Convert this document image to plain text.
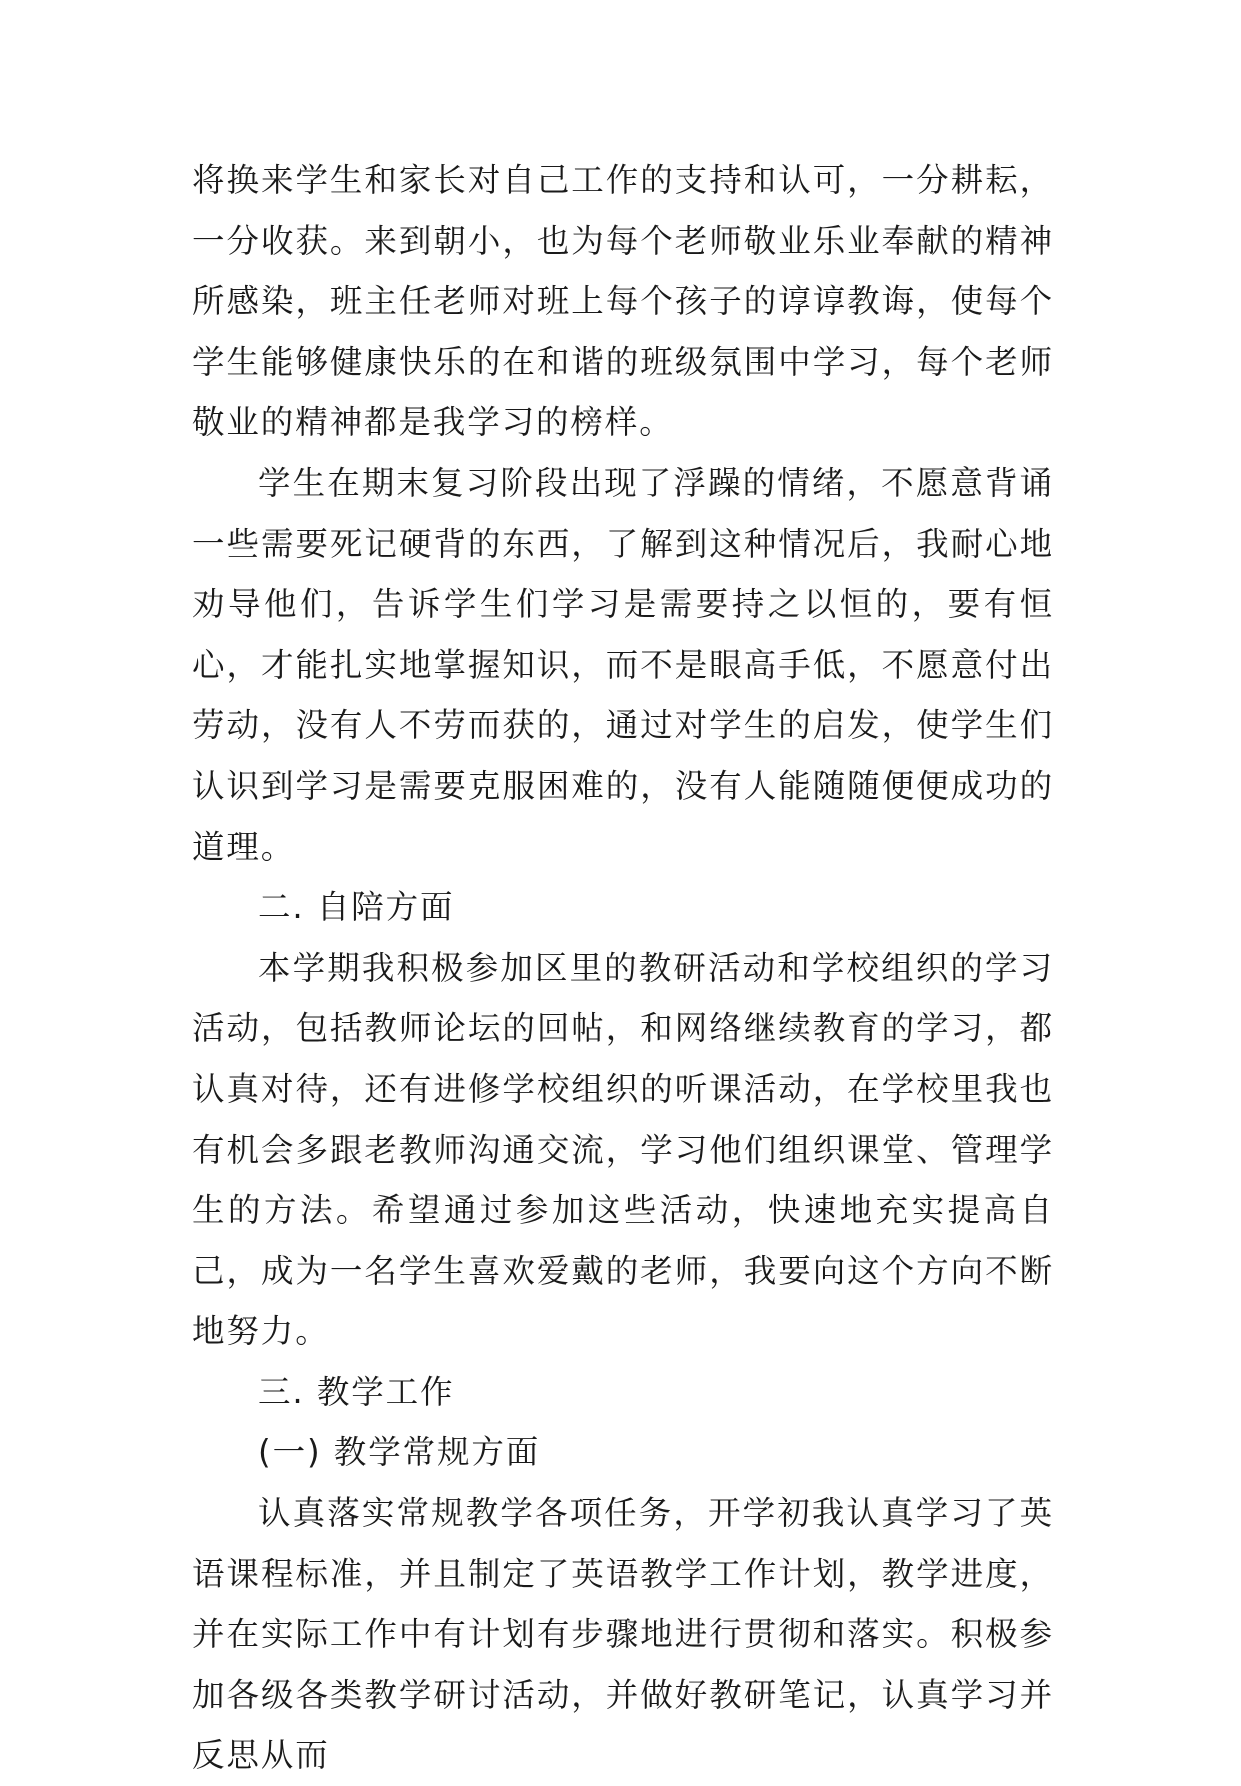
将换来学生和家长对自己工作的支持和认可，一分耕耘，一分收获。来到朝小，也为每个老师敬业乐业奉献的精神所感染，班主任老师对班上每个孩子的谆谆教诲，使每个学生能够健康快乐的在和谐的班级氛围中学习，每个老师敬业的精神都是我学习的榜样。

学生在期末复习阶段出现了浮躁的情绪，不愿意背诵一些需要死记硬背的东西，了解到这种情况后，我耐心地劝导他们，告诉学生们学习是需要持之以恒的，要有恒心，才能扎实地掌握知识，而不是眼高手低，不愿意付出劳动，没有人不劳而获的，通过对学生的启发，使学生们认识到学习是需要克服困难的，没有人能随随便便成功的道理。

二. 自陪方面

本学期我积极参加区里的教研活动和学校组织的学习活动，包括教师论坛的回帖，和网络继续教育的学习，都认真对待，还有进修学校组织的听课活动，在学校里我也有机会多跟老教师沟通交流，学习他们组织课堂、管理学生的方法。希望通过参加这些活动，快速地充实提高自己，成为一名学生喜欢爱戴的老师，我要向这个方向不断地努力。

三. 教学工作

(一) 教学常规方面

认真落实常规教学各项任务，开学初我认真学习了英语课程标准，并且制定了英语教学工作计划，教学进度，并在实际工作中有计划有步骤地进行贯彻和落实。积极参加各级各类教学研讨活动，并做好教研笔记，认真学习并反思从而
